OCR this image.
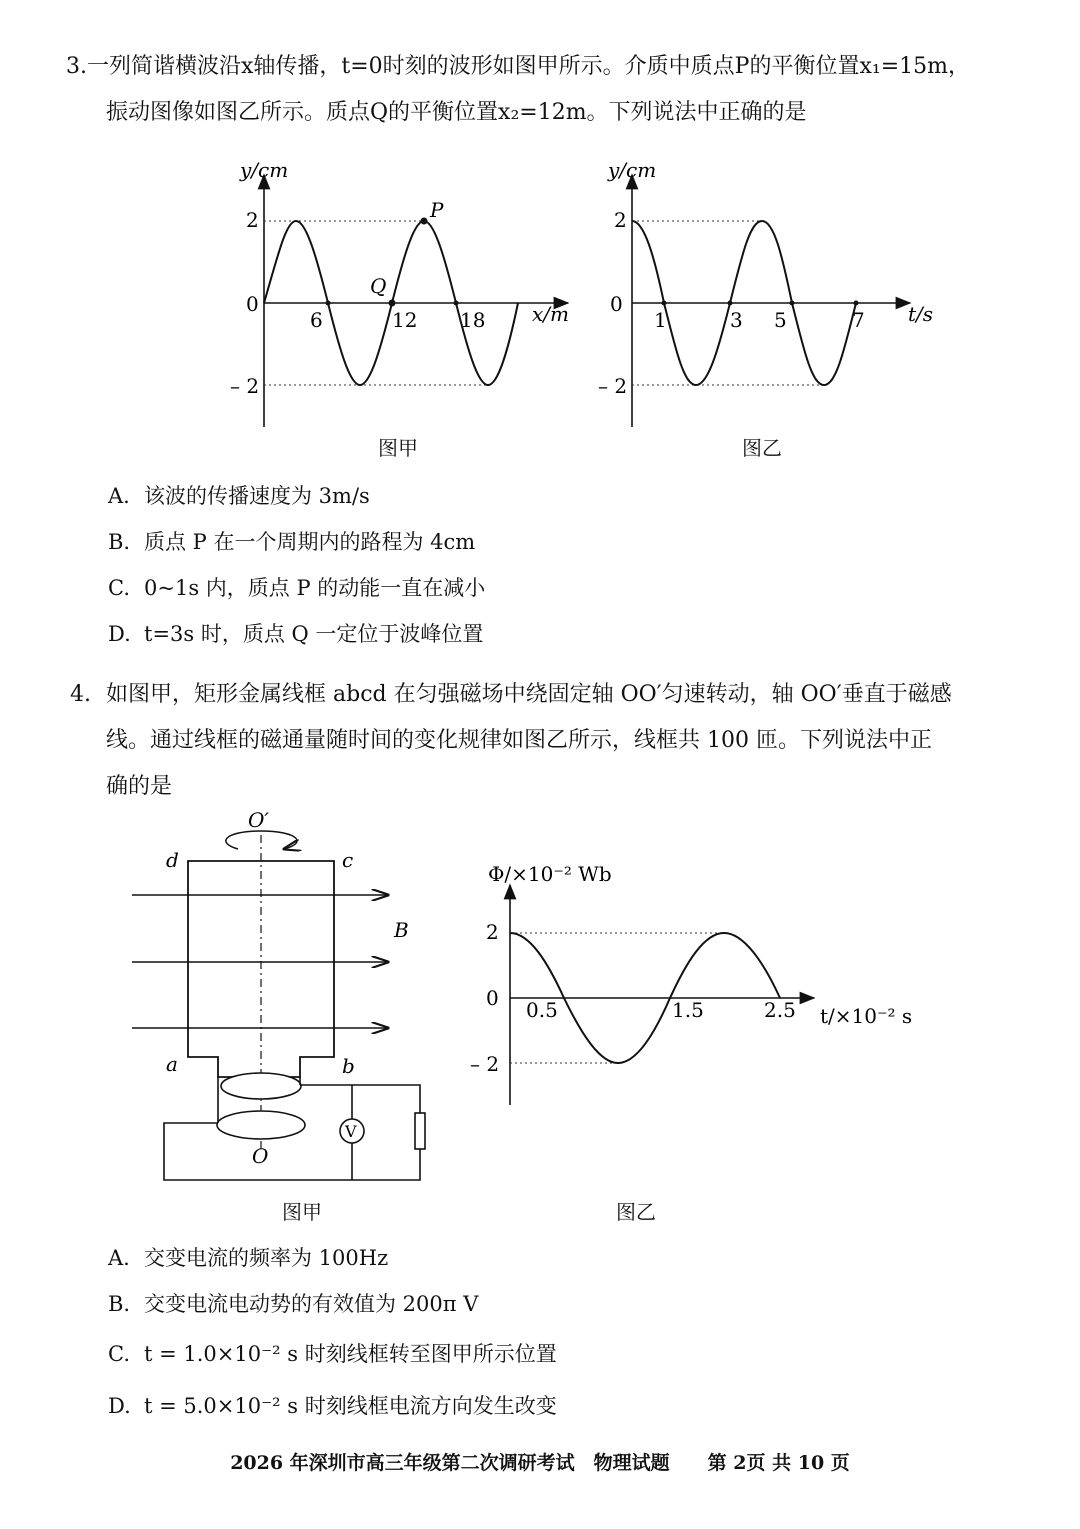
3.一列简谐横波沿x轴传播，t=0时刻的波形如图甲所示。介质中质点P的平衡位置x₁=15m，
振动图像如图乙所示。质点Q的平衡位置x₂=12m。下列说法中正确的是
y/cm
x/m
2
0
– 2
6	12 18
P
Q
图甲
y/cm
t/s
2
0
– 2
1	3 5	7
图乙
A. 该波的传播速度为 3m/s
B. 质点 P 在一个周期内的路程为 4cm
C. 0~1s 内，质点 P 的动能一直在减小
D. t=3s 时，质点 Q 一定位于波峰位置
4. 如图甲，矩形金属线框 abcd 在匀强磁场中绕固定轴 OO′匀速转动，轴 OO′垂直于磁感
线。通过线框的磁通量随时间的变化规律如图乙所示，线框共 100 匝。下列说法中正
确的是
V
O′
O
d	c
a	b
B
图甲
Φ/×10⁻² Wb
t/×10⁻² s
2
0
– 2
0.5	1.5	2.5
图乙
A. 交变电流的频率为 100Hz
B. 交变电流电动势的有效值为 200π V
C. t = 1.0×10⁻² s 时刻线框转至图甲所示位置
D. t = 5.0×10⁻² s 时刻线框电流方向发生改变
2026 年深圳市高三年级第二次调研考试　物理试题　　第 2页 共 10 页
